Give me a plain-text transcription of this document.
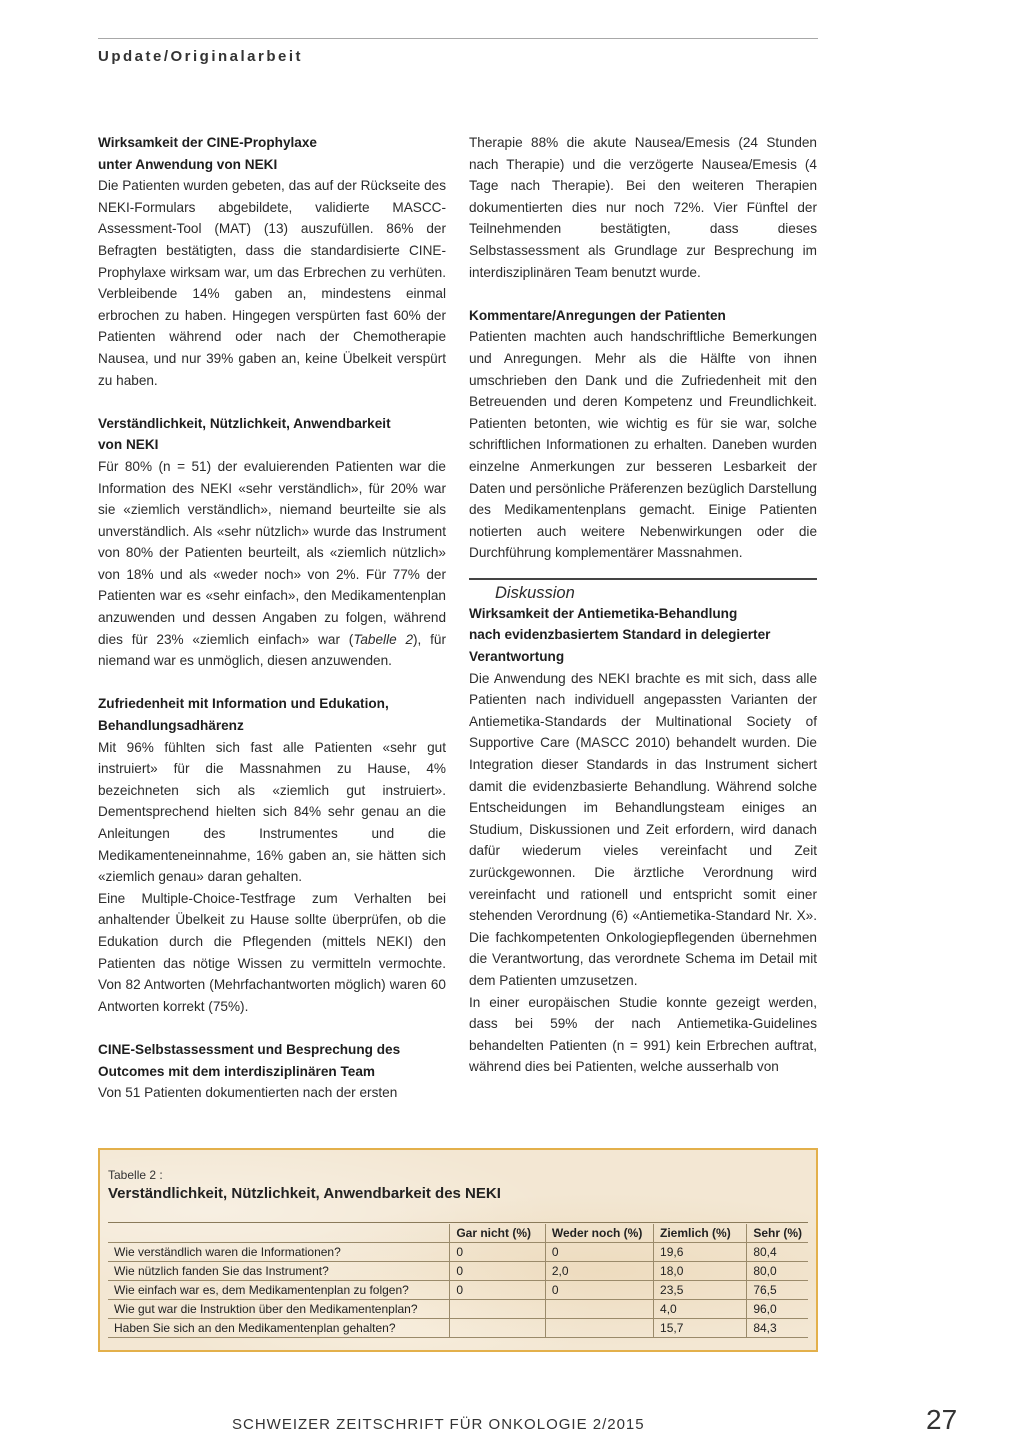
Update/Originalarbeit
Wirksamkeit der CINE-Prophylaxe
unter Anwendung von NEKI

Die Patienten wurden gebeten, das auf der Rückseite des NEKI-Formulars abgebildete, validierte MASCC-Assessment-Tool (MAT) (13) auszufüllen. 86% der Befragten bestätigten, dass die standardisierte CINE-Prophylaxe wirksam war, um das Erbrechen zu verhüten. Verbleibende 14% gaben an, mindestens einmal erbrochen zu haben. Hingegen verspürten fast 60% der Patienten während oder nach der Chemotherapie Nausea, und nur 39% gaben an, keine Übelkeit verspürt zu haben.

Verständlichkeit, Nützlichkeit, Anwendbarkeit
von NEKI

Für 80% (n = 51) der evaluierenden Patienten war die Information des NEKI «sehr verständlich», für 20% war sie «ziemlich verständlich», niemand beurteilte sie als unverständlich. Als «sehr nützlich» wurde das Instrument von 80% der Patienten beurteilt, als «ziemlich nützlich» von 18% und als «weder noch» von 2%. Für 77% der Patienten war es «sehr einfach», den Medikamentenplan anzuwenden und dessen Angaben zu folgen, während dies für 23% «ziemlich einfach» war (Tabelle 2), für niemand war es unmöglich, diesen anzuwenden.

Zufriedenheit mit Information und Edukation,
Behandlungsadhärenz

Mit 96% fühlten sich fast alle Patienten «sehr gut instruiert» für die Massnahmen zu Hause, 4% bezeichneten sich als «ziemlich gut instruiert». Dementsprechend hielten sich 84% sehr genau an die Anleitungen des Instrumentes und die Medikamenteneinnahme, 16% gaben an, sie hätten sich «ziemlich genau» daran gehalten.

Eine Multiple-Choice-Testfrage zum Verhalten bei anhaltender Übelkeit zu Hause sollte überprüfen, ob die Edukation durch die Pflegenden (mittels NEKI) den Patienten das nötige Wissen zu vermitteln vermochte. Von 82 Antworten (Mehrfachantworten möglich) waren 60 Antworten korrekt (75%).

CINE-Selbstassessment und Besprechung des
Outcomes mit dem interdisziplinären Team

Von 51 Patienten dokumentierten nach der ersten

Therapie 88% die akute Nausea/Emesis (24 Stunden nach Therapie) und die verzögerte Nausea/Emesis (4 Tage nach Therapie). Bei den weiteren Therapien dokumentierten dies nur noch 72%. Vier Fünftel der Teilnehmenden bestätigten, dass dieses Selbstassessment als Grundlage zur Besprechung im interdisziplinären Team benutzt wurde.

Kommentare/Anregungen der Patienten

Patienten machten auch handschriftliche Bemerkungen und Anregungen. Mehr als die Hälfte von ihnen umschrieben den Dank und die Zufriedenheit mit den Betreuenden und deren Kompetenz und Freundlichkeit. Patienten betonten, wie wichtig es für sie war, solche schriftlichen Informationen zu erhalten. Daneben wurden einzelne Anmerkungen zur besseren Lesbarkeit der Daten und persönliche Präferenzen bezüglich Darstellung des Medikamentenplans gemacht. Einige Patienten notierten auch weitere Nebenwirkungen oder die Durchführung komplementärer Massnahmen.

Diskussion
Wirksamkeit der Antiemetika-Behandlung
nach evidenzbasiertem Standard in delegierter
Verantwortung

Die Anwendung des NEKI brachte es mit sich, dass alle Patienten nach individuell angepassten Varianten der Antiemetika-Standards der Multinational Society of Supportive Care (MASCC 2010) behandelt wurden. Die Integration dieser Standards in das Instrument sichert damit die evidenzbasierte Behandlung. Während solche Entscheidungen im Behandlungsteam einiges an Studium, Diskussionen und Zeit erfordern, wird danach dafür wiederum vieles vereinfacht und Zeit zurückgewonnen. Die ärztliche Verordnung wird vereinfacht und rationell und entspricht somit einer stehenden Verordnung (6) «Antiemetika-Standard Nr. X». Die fachkompetenten Onkologiepflegenden übernehmen die Verantwortung, das verordnete Schema im Detail mit dem Patienten umzusetzen.

In einer europäischen Studie konnte gezeigt werden, dass bei 59% der nach Antiemetika-Guidelines behandelten Patienten (n = 991) kein Erbrechen auftrat, während dies bei Patienten, welche ausserhalb von

Tabelle 2 :
Verständlichkeit, Nützlichkeit, Anwendbarkeit des NEKI
	Gar nicht (%)	Weder noch (%)	Ziemlich (%)	Sehr (%)
Wie verständlich waren die Informationen?	0	0	19,6	80,4
Wie nützlich fanden Sie das Instrument?	0	2,0	18,0	80,0
Wie einfach war es, dem Medikamentenplan zu folgen?	0	0	23,5	76,5
Wie gut war die Instruktion über den Medikamentenplan?			4,0	96,0
Haben Sie sich an den Medikamentenplan gehalten?			15,7	84,3
SCHWEIZER ZEITSCHRIFT FÜR ONKOLOGIE 2/2015	27
